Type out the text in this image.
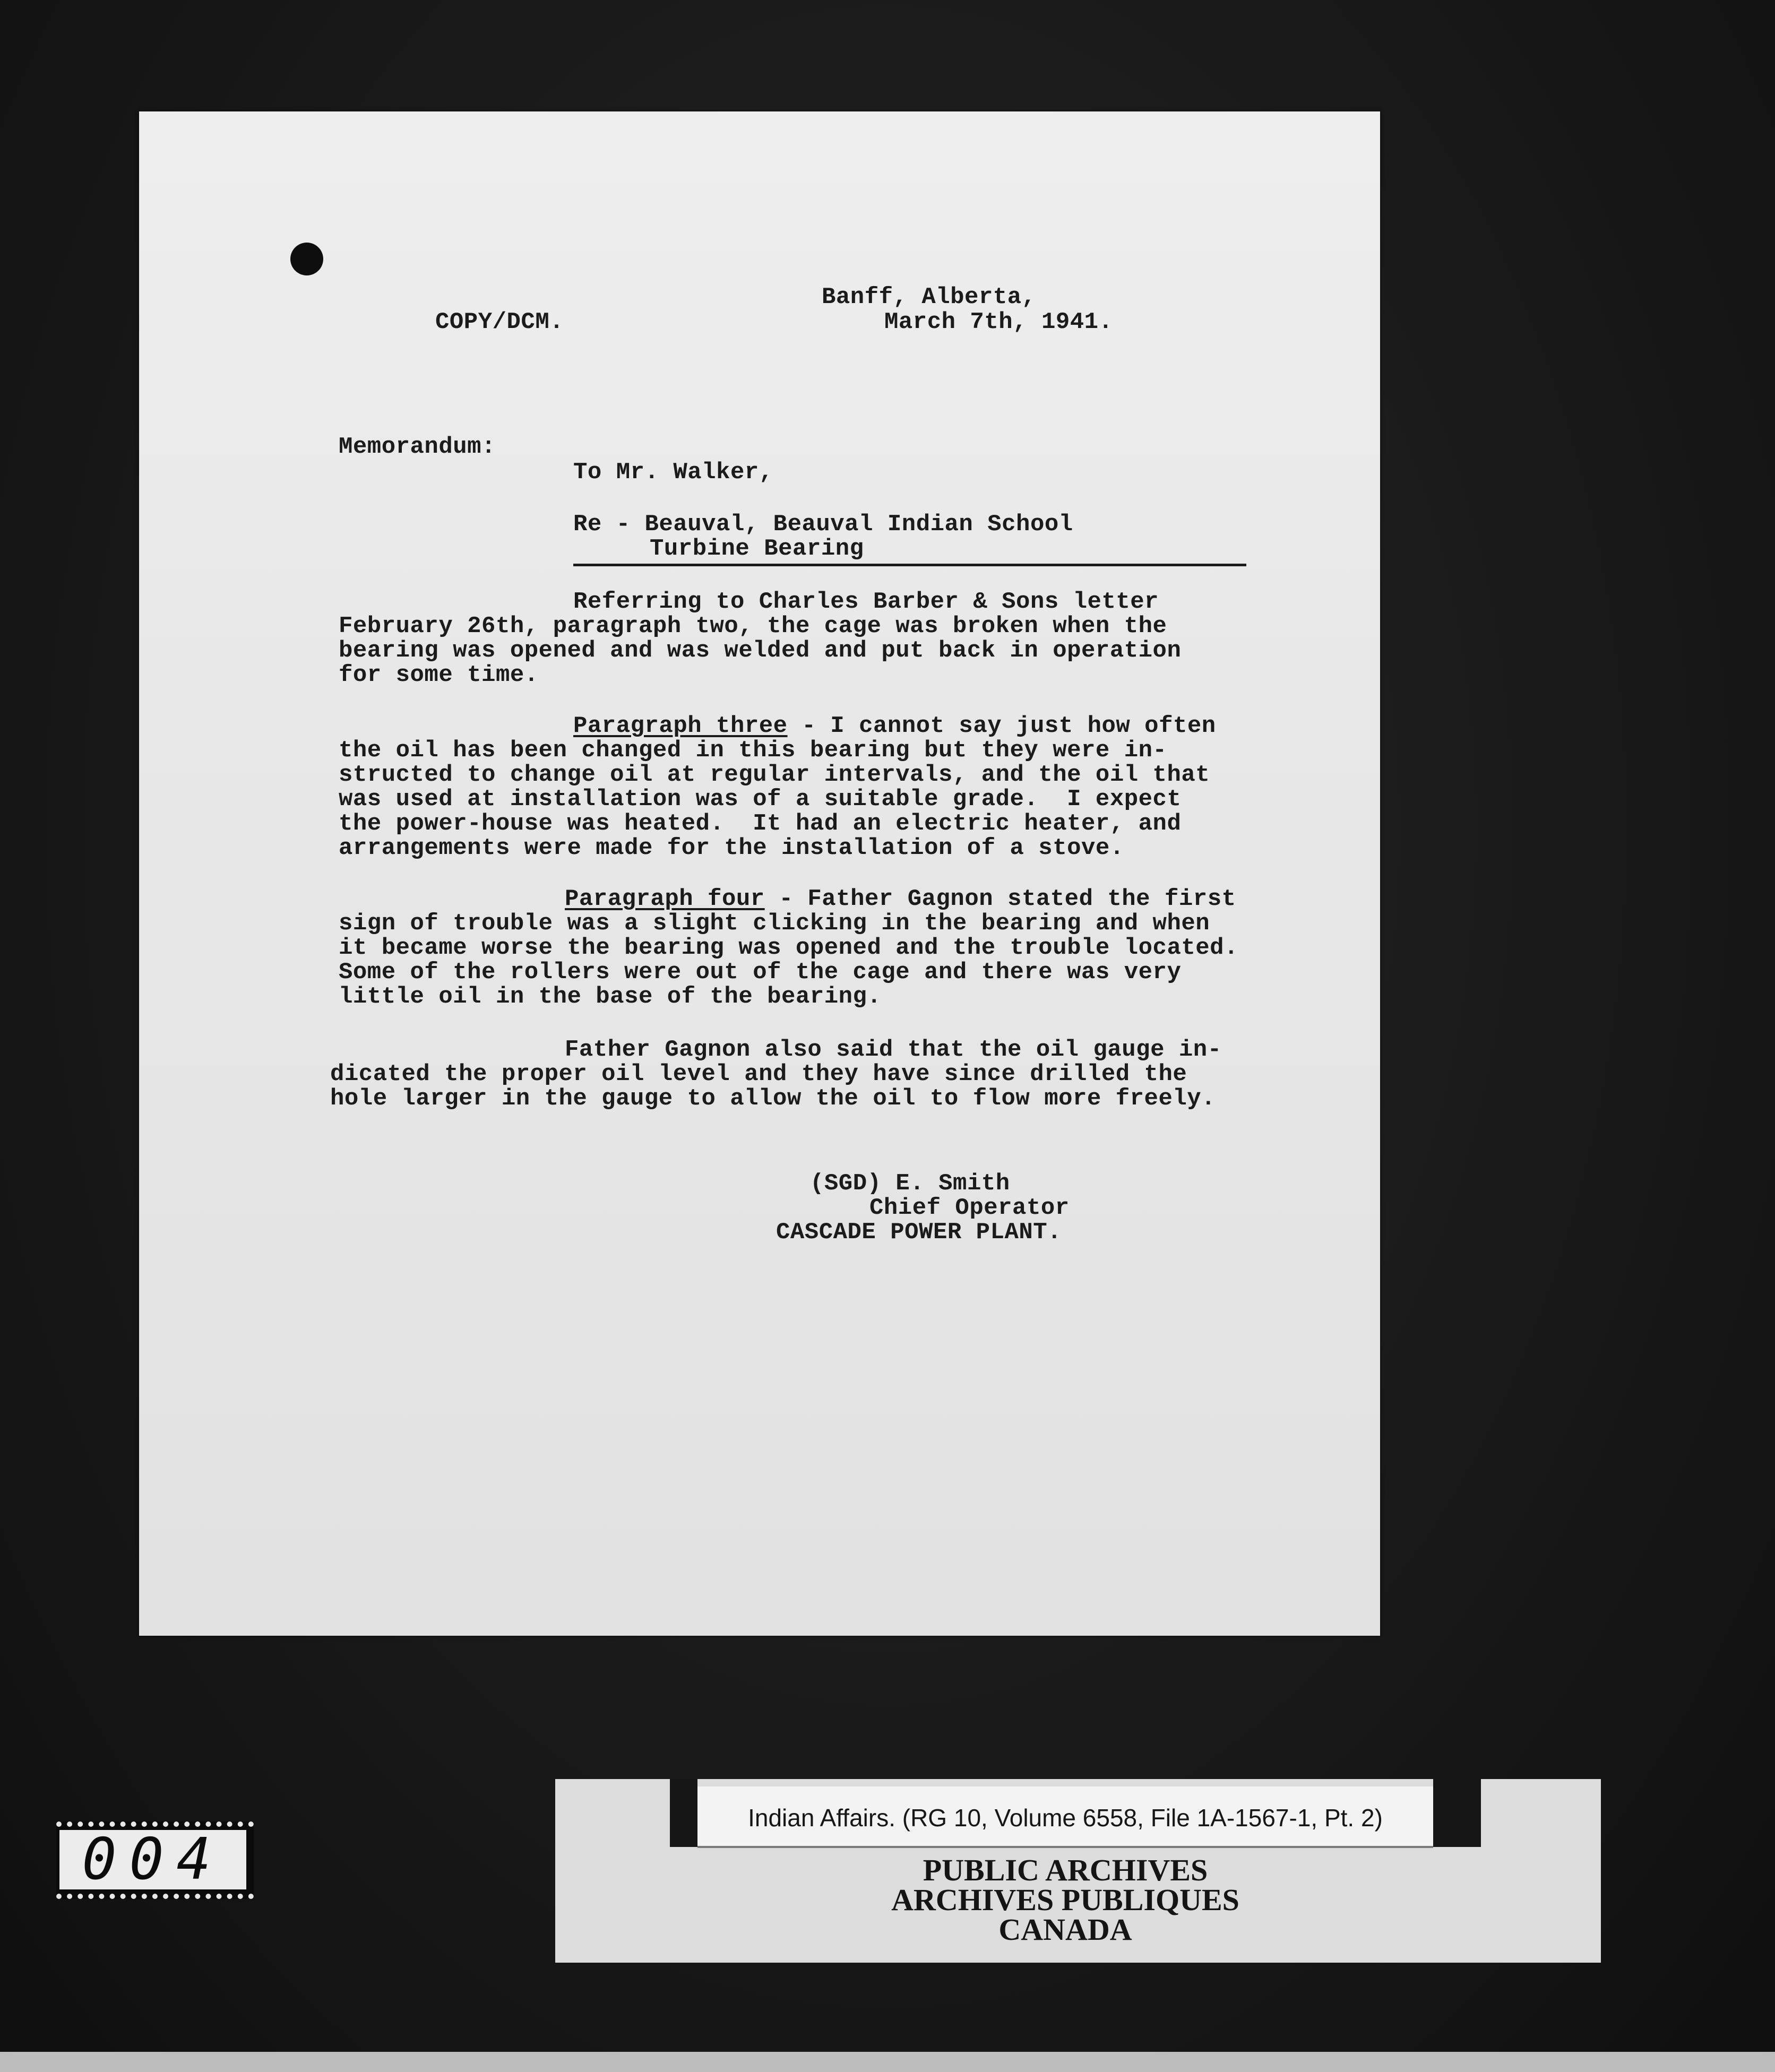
Banff, Alberta,
March 7th, 1941.
COPY/DCM.
Memorandum:
To Mr. Walker,
Re - Beauval, Beauval Indian School
Turbine Bearing
Referring to Charles Barber & Sons letter
February 26th, paragraph two, the cage was broken when the
bearing was opened and was welded and put back in operation
for some time.
Paragraph three - I cannot say just how often
the oil has been changed in this bearing but they were in-
structed to change oil at regular intervals, and the oil that
was used at installation was of a suitable grade.  I expect
the power-house was heated.  It had an electric heater, and
arrangements were made for the installation of a stove.
Paragraph four - Father Gagnon stated the first
sign of trouble was a slight clicking in the bearing and when
it became worse the bearing was opened and the trouble located.
Some of the rollers were out of the cage and there was very
little oil in the base of the bearing.
Father Gagnon also said that the oil gauge in-
dicated the proper oil level and they have since drilled the
hole larger in the gauge to allow the oil to flow more freely.
(SGD) E. Smith
Chief Operator
CASCADE POWER PLANT.
004
Indian Affairs. (RG 10, Volume 6558, File 1A-1567-1, Pt. 2)
PUBLIC ARCHIVES
ARCHIVES PUBLIQUES
CANADA
